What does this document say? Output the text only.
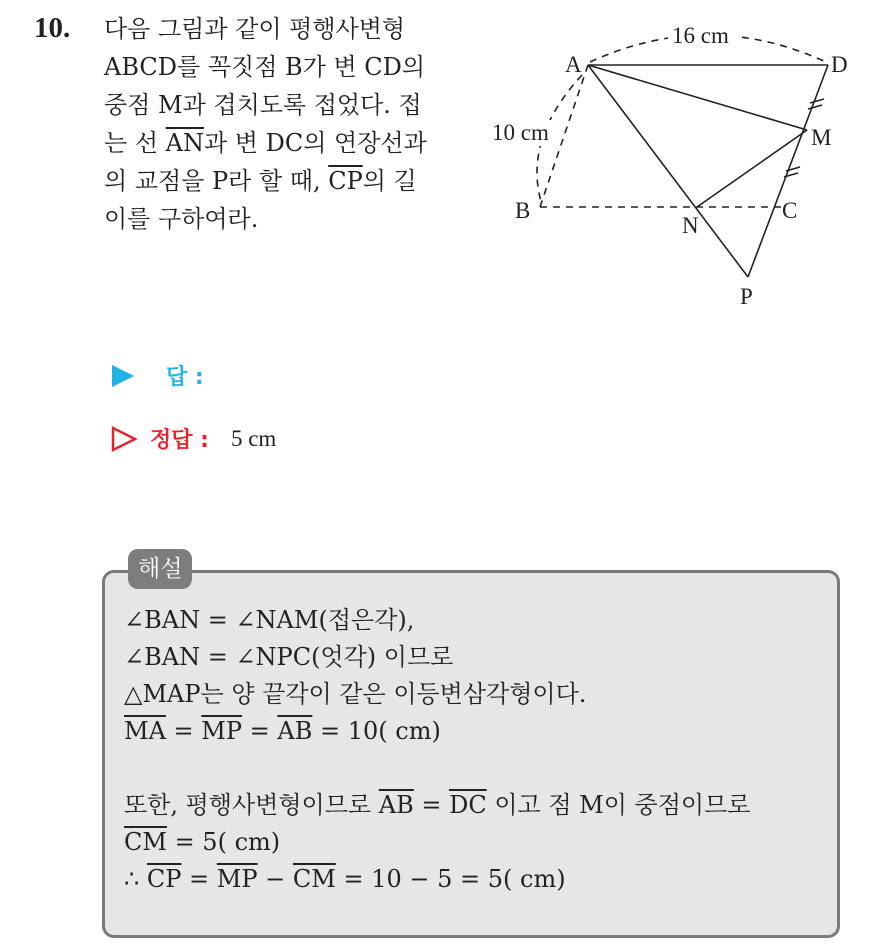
10. 다음 그림과 같이 평행사변형
ABCD를 꼭짓점 B가 변 CD의
중점 M과 겹치도록 접었다. 접
는 선 $\overline{AN}$과 변 DC의 연장선과
의 교점을 P라 할 때, $\overline{CP}$의 길
이를 구하여라.
16 cm
10 cm
A	D
M
B	C
N
P
답 :
정답 : 5 cm
해설
∠BAN = ∠NAM(접은각),
∠BAN = ∠NPC(엇각) 이므로
△MAP는 양 끝각이 같은 이등변삼각형이다.
$\overline{MA} = \overline{MP} = \overline{AB} = 10$( cm)
또한, 평행사변형이므로 $\overline{AB} = \overline{DC}$ 이고 점 M이 중점이므로
$\overline{CM} = 5$( cm)
∴ $\overline{CP} = \overline{MP} - \overline{CM} = 10 - 5 = 5$( cm)
